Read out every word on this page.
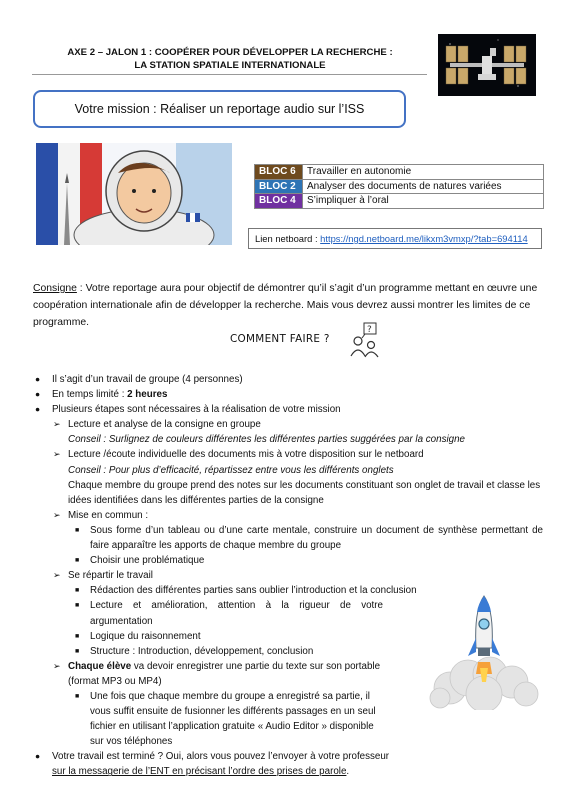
AXE 2 – JALON 1 : COOPÉRER POUR DÉVELOPPER LA RECHERCHE :
LA STATION SPATIALE INTERNATIONALE
Votre mission : Réaliser un reportage audio sur l’ISS
BLOC 6	Travailler en autonomie
BLOC 2	Analyser des documents de natures variées
BLOC 4	S’impliquer à l’oral
Lien netboard : https://ngd.netboard.me/likxm3vmxp/?tab=694114
Consigne : Votre reportage aura pour objectif de démontrer qu’il s’agit d’un programme mettant en œuvre une coopération internationale afin de développer la recherche. Mais vous devrez aussi montrer les limites de ce programme.
COMMENT FAIRE ?
?
● Il s’agit d’un travail de groupe (4 personnes)
● En temps limité : 2 heures
● Plusieurs étapes sont nécessaires à la réalisation de votre mission
➢ Lecture et analyse de la consigne en groupe
Conseil : Surlignez de couleurs différentes les différentes parties suggérées par la consigne
➢ Lecture /écoute individuelle des documents mis à votre disposition sur le netboard
Conseil : Pour plus d’efficacité, répartissez entre vous les différents onglets
Chaque membre du groupe prend des notes sur les documents constituant son onglet de travail et classe les idées identifiées dans les différentes parties de la consigne
➢ Mise en commun :
■ Sous forme d’un tableau ou d’une carte mentale, construire un document de synthèse permettant de faire apparaître les apports de chaque membre du groupe
■ Choisir une problématique
➢ Se répartir le travail
■ Rédaction des différentes parties sans oublier l’introduction et la conclusion
■ Lecture et amélioration, attention à la rigueur de votre argumentation
■ Logique du raisonnement
■ Structure : Introduction, développement, conclusion
➢ Chaque élève va devoir enregistrer une partie du texte sur son portable (format MP3 ou MP4)
■ Une fois que chaque membre du groupe a enregistré sa partie, il vous suffit ensuite de fusionner les différents passages en un seul fichier en utilisant l’application gratuite « Audio Editor » disponible sur vos téléphones
● Votre travail est terminé ? Oui, alors vous pouvez l’envoyer à votre professeur
sur la messagerie de l’ENT en précisant l’ordre des prises de parole.
